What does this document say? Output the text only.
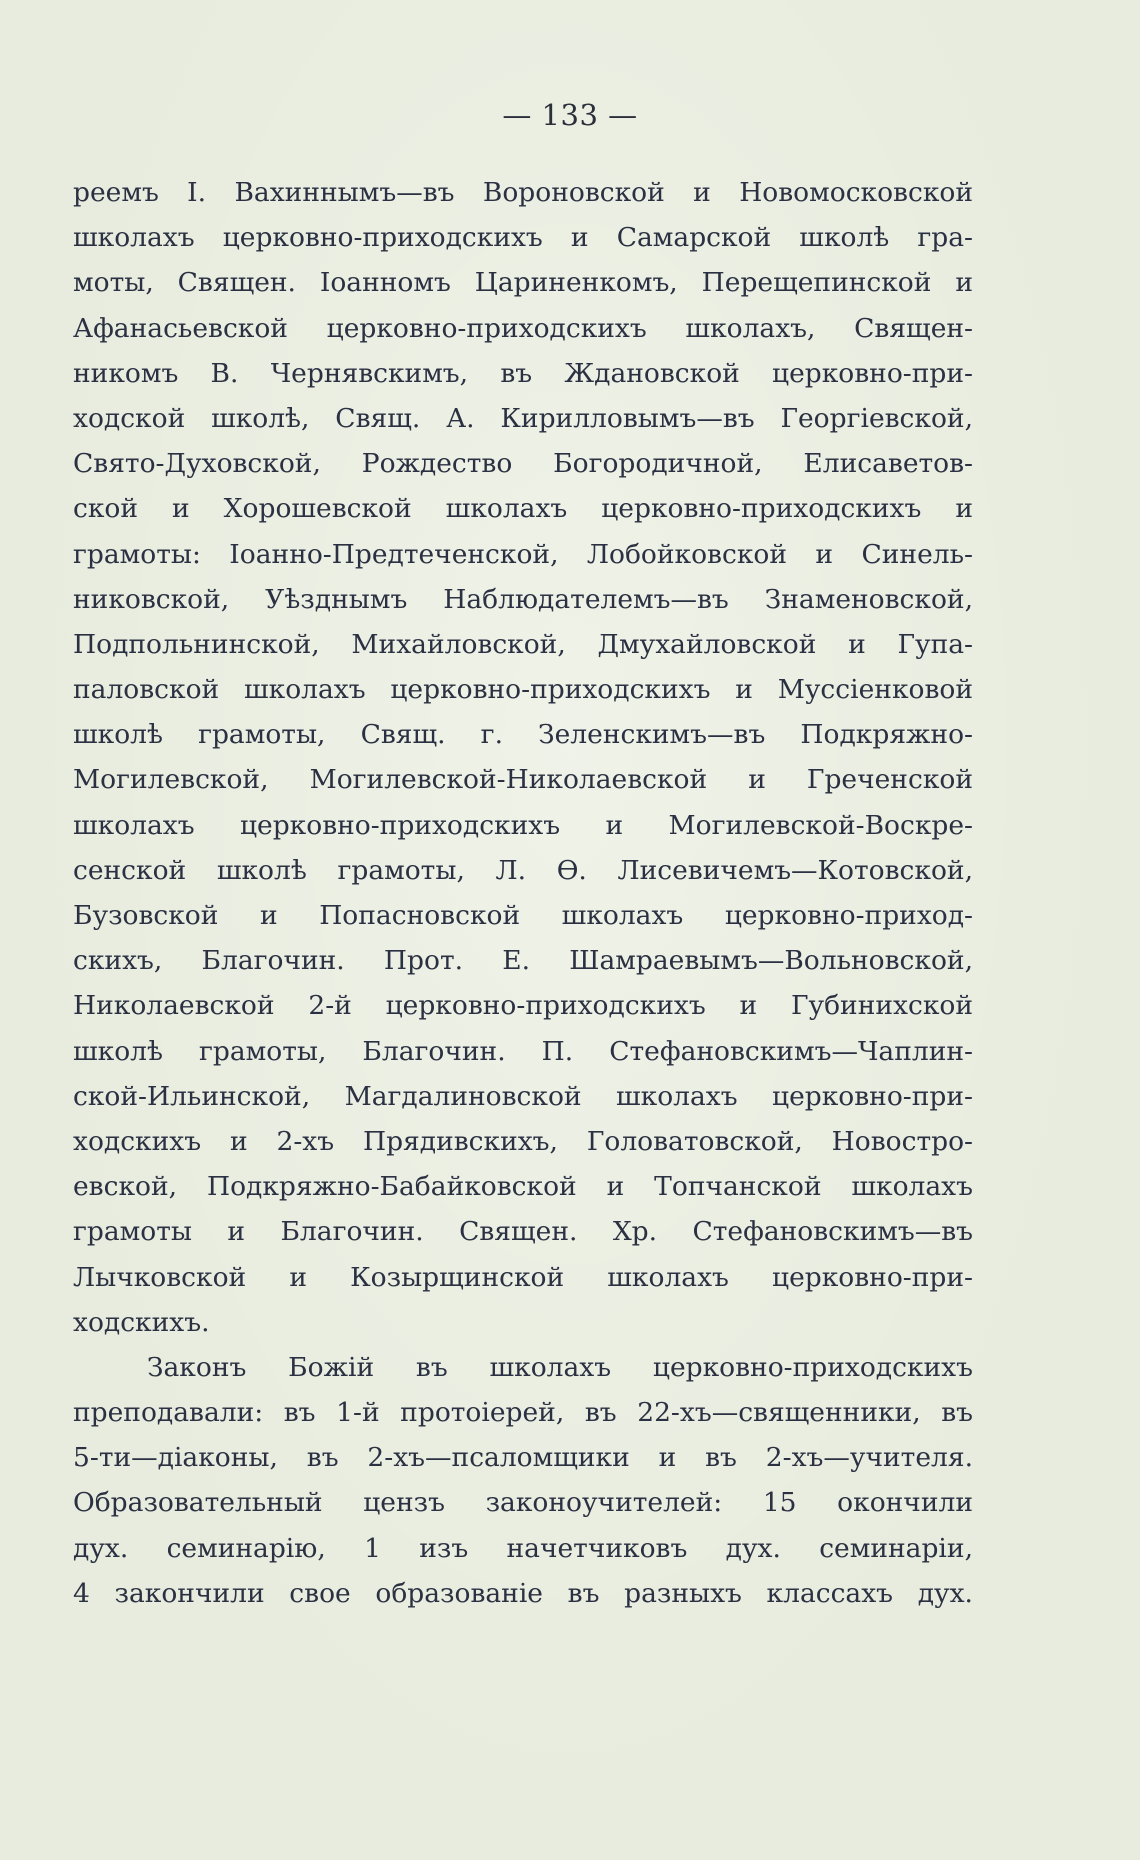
— 133 —
реемъ І. Вахиннымъ—въ Вороновской и Новомосковской
школахъ церковно-приходскихъ и Самарской школѣ гра-
моты, Священ. Іоанномъ Цариненкомъ, Перещепинской и
Афанасьевской церковно-приходскихъ школахъ, Священ-
никомъ В. Чернявскимъ, въ Ждановской церковно-при-
ходской школѣ, Свящ. А. Кирилловымъ—въ Георгіевской,
Свято-Духовской, Рождество Богородичной, Елисаветов-
ской и Хорошевской школахъ церковно-приходскихъ и
грамоты: Іоанно-Предтеченской, Лобойковской и Синель-
никовской, Уѣзднымъ Наблюдателемъ—въ Знаменовской,
Подпольнинской, Михайловской, Дмухайловской и Гупа-
паловской школахъ церковно-приходскихъ и Муссіенковой
школѣ грамоты, Свящ. г. Зеленскимъ—въ Подкряжно-
Могилевской, Могилевской-Николаевской и Греченской
школахъ церковно-приходскихъ и Могилевской-Воскре-
сенской школѣ грамоты, Л. Ѳ. Лисевичемъ—Котовской,
Бузовской и Попасновской школахъ церковно-приход-
скихъ, Благочин. Прот. Е. Шамраевымъ—Вольновской,
Николаевской 2-й церковно-приходскихъ и Губинихской
школѣ грамоты, Благочин. П. Стефановскимъ—Чаплин-
ской-Ильинской, Магдалиновской школахъ церковно-при-
ходскихъ и 2-хъ Прядивскихъ, Головатовской, Новостро-
евской, Подкряжно-Бабайковской и Топчанской школахъ
грамоты и Благочин. Священ. Хр. Стефановскимъ—въ
Лычковской и Козырщинской школахъ церковно-при-
ходскихъ.
Законъ Божій въ школахъ церковно-приходскихъ
преподавали: въ 1-й протоіерей, въ 22-хъ—священники, въ
5-ти—діаконы, въ 2-хъ—псаломщики и въ 2-хъ—учителя.
Образовательный цензъ законоучителей: 15 окончили
дух. семинарію, 1 изъ начетчиковъ дух. семинаріи,
4 закончили свое образованіе въ разныхъ классахъ дух.
